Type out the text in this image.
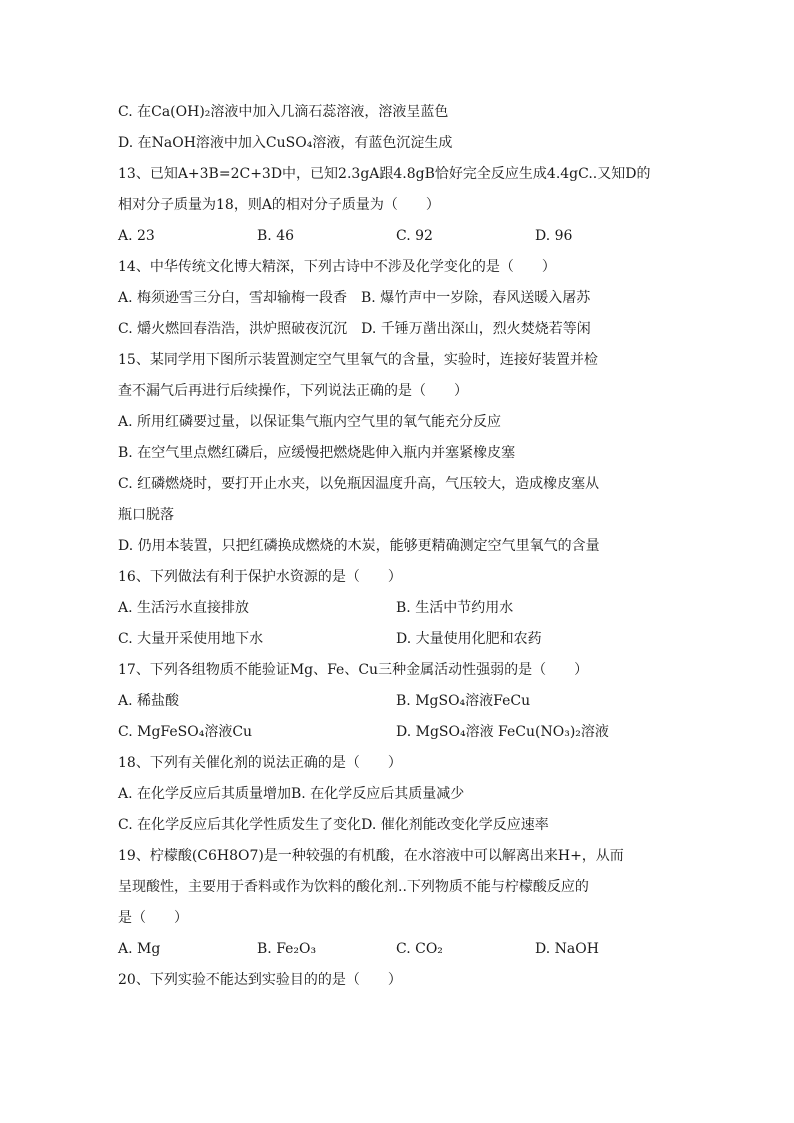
C. 在Ca(OH)₂溶液中加入几滴石蕊溶液，溶液呈蓝色
D. 在NaOH溶液中加入CuSO₄溶液，有蓝色沉淀生成
13、已知A+3B=2C+3D中，已知2.3gA跟4.8gB恰好完全反应生成4.4gC..又知D的
相对分子质量为18，则A的相对分子质量为（　　）
A. 23	B. 46	C. 92	D. 96
14、中华传统文化博大精深，下列古诗中不涉及化学变化的是（　　）
A. 梅须逊雪三分白，雪却输梅一段香　B. 爆竹声中一岁除，春风送暖入屠苏
C. 爝火燃回春浩浩，洪炉照破夜沉沉　D. 千锤万凿出深山，烈火焚烧若等闲
15、某同学用下图所示装置测定空气里氧气的含量，实验时，连接好装置并检
查不漏气后再进行后续操作，下列说法正确的是（　　）
A. 所用红磷要过量，以保证集气瓶内空气里的氧气能充分反应
B. 在空气里点燃红磷后，应缓慢把燃烧匙伸入瓶内并塞紧橡皮塞
C. 红磷燃烧时，要打开止水夹，以免瓶因温度升高，气压较大，造成橡皮塞从
瓶口脱落
D. 仍用本装置，只把红磷换成燃烧的木炭，能够更精确测定空气里氧气的含量
16、下列做法有利于保护水资源的是（　　）
A. 生活污水直接排放	B. 生活中节约用水
C. 大量开采使用地下水	D. 大量使用化肥和农药
17、下列各组物质不能验证Mg、Fe、Cu三种金属活动性强弱的是（　　）
A. 稀盐酸	B. MgSO₄溶液FeCu
C. MgFeSO₄溶液Cu	D. MgSO₄溶液 FeCu(NO₃)₂溶液
18、下列有关催化剂的说法正确的是（　　）
A. 在化学反应后其质量增加B. 在化学反应后其质量减少
C. 在化学反应后其化学性质发生了变化D. 催化剂能改变化学反应速率
19、柠檬酸(C6H8O7)是一种较强的有机酸，在水溶液中可以解离出来H+，从而
呈现酸性，主要用于香料或作为饮料的酸化剂..下列物质不能与柠檬酸反应的
是（　　）
A. Mg	B. Fe₂O₃	C. CO₂	D. NaOH
20、下列实验不能达到实验目的的是（　　）
